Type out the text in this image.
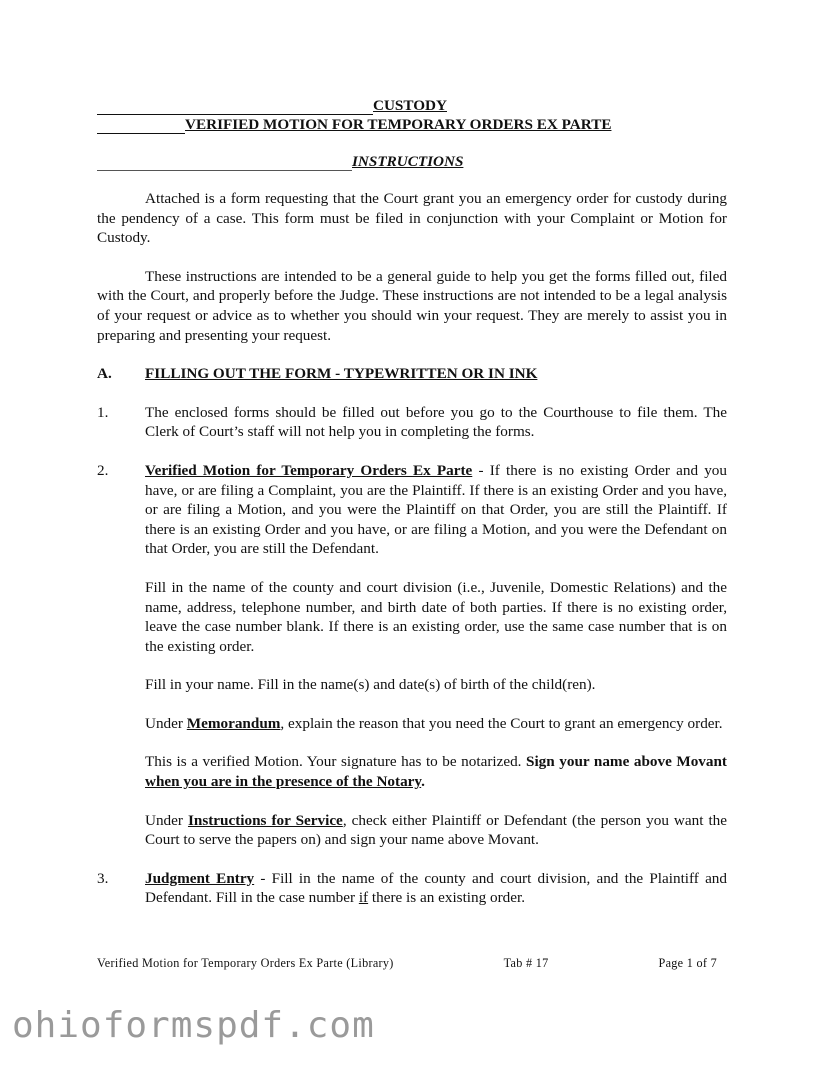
CUSTODY
VERIFIED MOTION FOR TEMPORARY ORDERS EX PARTE
INSTRUCTIONS

Attached is a form requesting that the Court grant you an emergency order for custody during the pendency of a case. This form must be filed in conjunction with your Complaint or Motion for Custody.

These instructions are intended to be a general guide to help you get the forms filled out, filed with the Court, and properly before the Judge. These instructions are not intended to be a legal analysis of your request or advice as to whether you should win your request. They are merely to assist you in preparing and presenting your request.

A.	FILLING OUT THE FORM - TYPEWRITTEN OR IN INK
1.	The enclosed forms should be filled out before you go to the Courthouse to file them. The Clerk of Court’s staff will not help you in completing the forms.

2.	Verified Motion for Temporary Orders Ex Parte - If there is no existing Order and you have, or are filing a Complaint, you are the Plaintiff. If there is an existing Order and you have, or are filing a Motion, and you were the Plaintiff on that Order, you are still the Plaintiff. If there is an existing Order and you have, or are filing a Motion, and you were the Defendant on that Order, you are still the Defendant.

Fill in the name of the county and court division (i.e., Juvenile, Domestic Relations) and the name, address, telephone number, and birth date of both parties. If there is no existing order, leave the case number blank. If there is an existing order, use the same case number that is on the existing order.

Fill in your name. Fill in the name(s) and date(s) of birth of the child(ren).

Under Memorandum, explain the reason that you need the Court to grant an emergency order.

This is a verified Motion. Your signature has to be notarized. Sign your name above Movant when you are in the presence of the Notary.

Under Instructions for Service, check either Plaintiff or Defendant (the person you want the Court to serve the papers on) and sign your name above Movant.

3.	Judgment Entry - Fill in the name of the county and court division, and the Plaintiff and Defendant. Fill in the case number if there is an existing order.

Verified Motion for Temporary Orders Ex Parte (Library)	Tab # 17	Page 1 of 7
ohioformspdf.com
